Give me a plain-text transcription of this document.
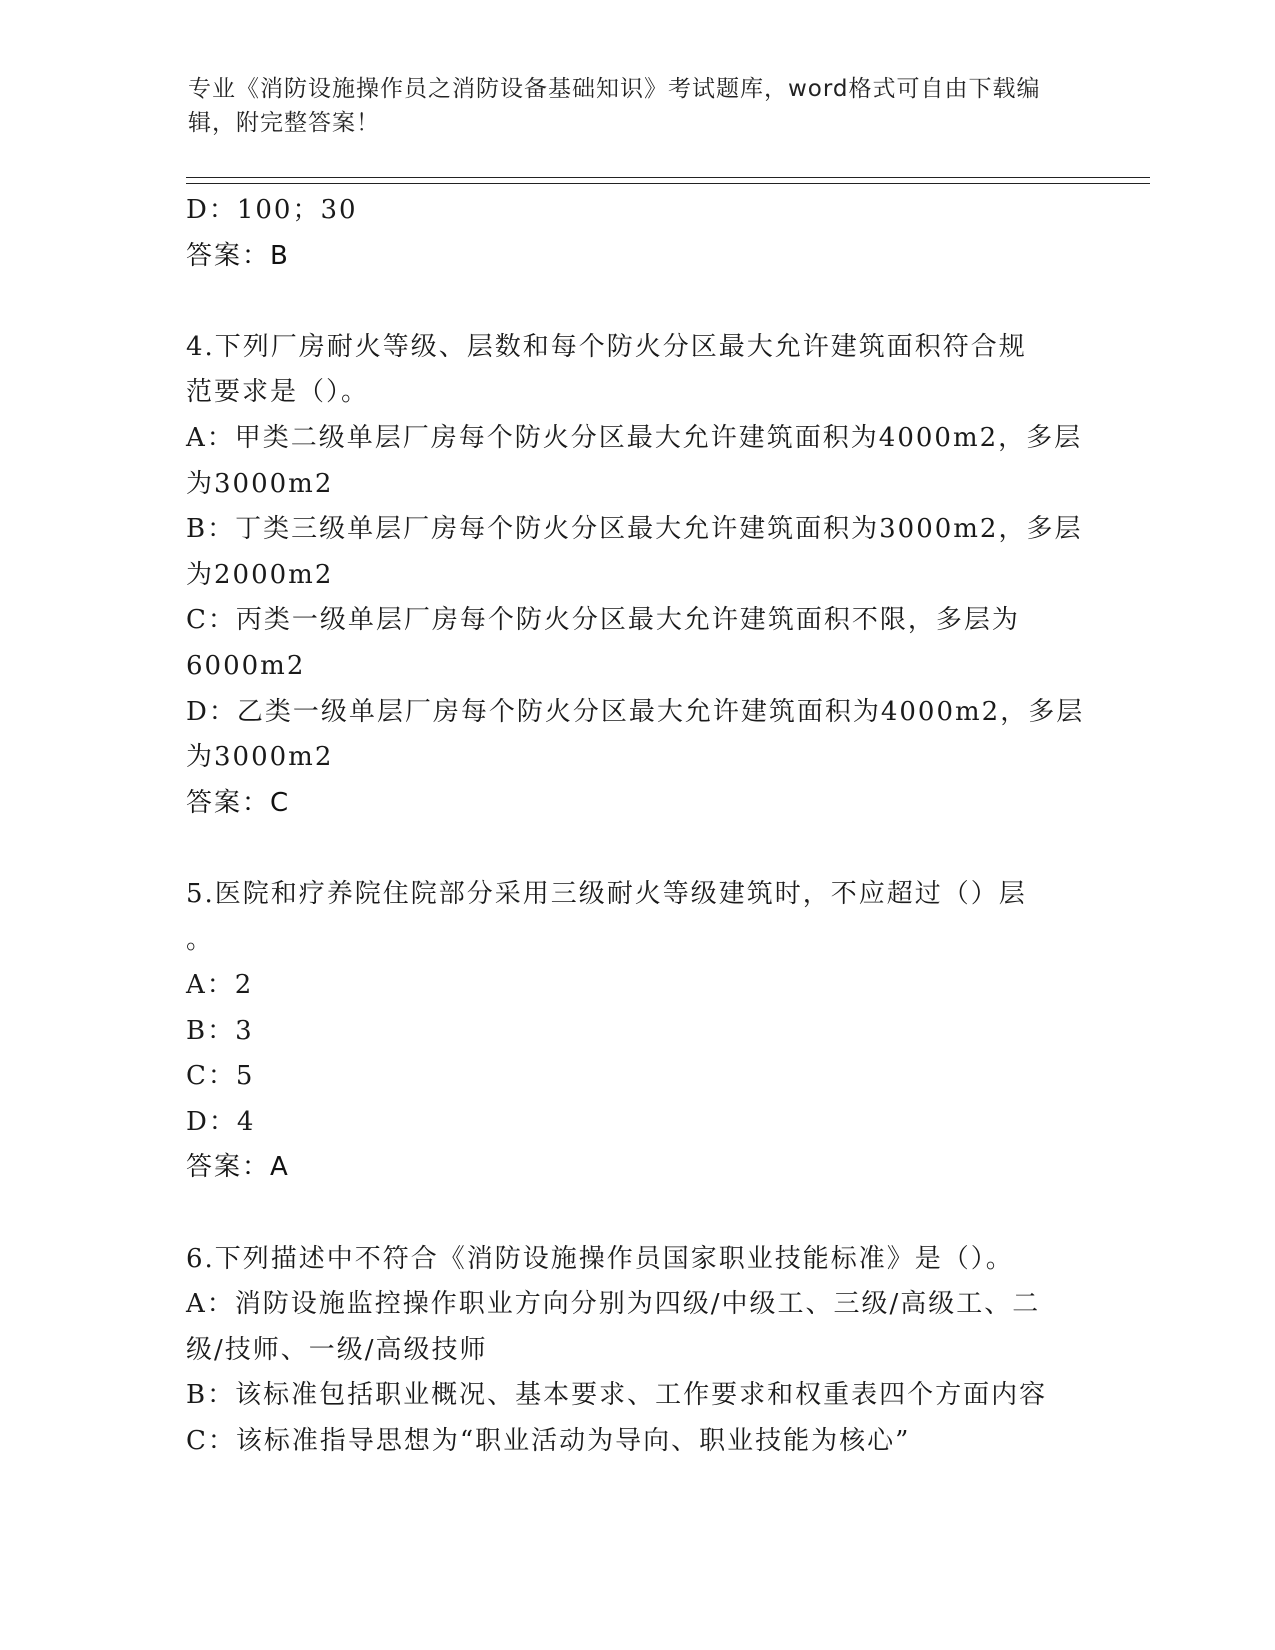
专业《消防设施操作员之消防设备基础知识》考试题库，word格式可自由下载编
辑，附完整答案！
D：100；30
答案：B
4.下列厂房耐火等级、层数和每个防火分区最大允许建筑面积符合规
范要求是（）。
A：甲类二级单层厂房每个防火分区最大允许建筑面积为4000m2，多层
为3000m2
B：丁类三级单层厂房每个防火分区最大允许建筑面积为3000m2，多层
为2000m2
C：丙类一级单层厂房每个防火分区最大允许建筑面积不限，多层为
6000m2
D：乙类一级单层厂房每个防火分区最大允许建筑面积为4000m2，多层
为3000m2
答案：C
5.医院和疗养院住院部分采用三级耐火等级建筑时，不应超过（）层
。
A：2
B：3
C：5
D：4
答案：A
6.下列描述中不符合《消防设施操作员国家职业技能标准》是（）。
A：消防设施监控操作职业方向分别为四级/中级工、三级/高级工、二
级/技师、一级/高级技师
B：该标准包括职业概况、基本要求、工作要求和权重表四个方面内容
C：该标准指导思想为“职业活动为导向、职业技能为核心”
